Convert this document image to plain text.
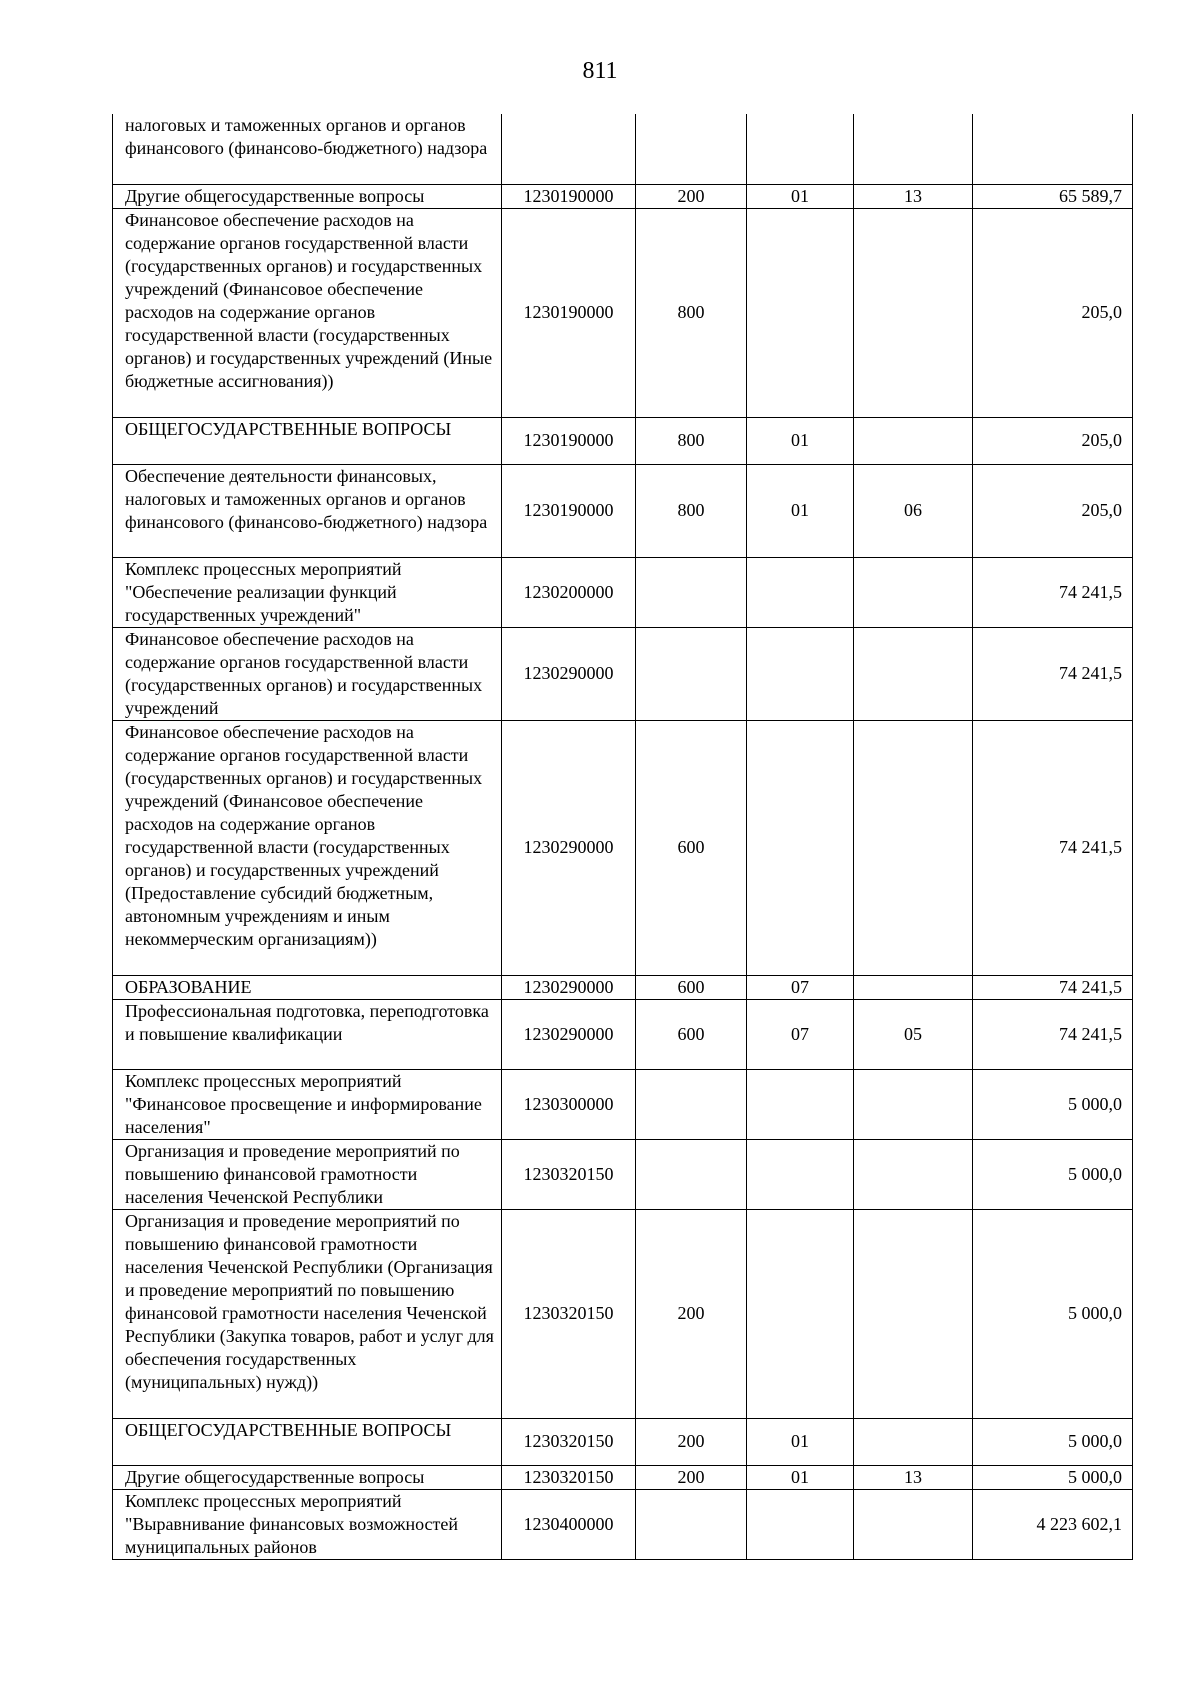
811
налоговых и таможенных органов и органов финансового (финансово-бюджетного) надзора					
Другие общегосударственные вопросы	1230190000	200	01	13	65 589,7
Финансовое обеспечение расходов на содержание органов государственной власти (государственных органов) и государственных учреждений (Финансовое обеспечение расходов на содержание органов государственной власти (государственных органов) и государственных учреждений (Иные бюджетные ассигнования))	1230190000	800			205,0
ОБЩЕГОСУДАРСТВЕННЫЕ ВОПРОСЫ	1230190000	800	01		205,0
Обеспечение деятельности финансовых, налоговых и таможенных органов и органов финансового (финансово-бюджетного) надзора	1230190000	800	01	06	205,0
Комплекс процессных мероприятий "Обеспечение реализации функций государственных учреждений"	1230200000				74 241,5
Финансовое обеспечение расходов на содержание органов государственной власти (государственных органов) и государственных учреждений	1230290000				74 241,5
Финансовое обеспечение расходов на содержание органов государственной власти (государственных органов) и государственных учреждений (Финансовое обеспечение расходов на содержание органов государственной власти (государственных органов) и государственных учреждений (Предоставление субсидий бюджетным, автономным учреждениям и иным некоммерческим организациям))	1230290000	600			74 241,5
ОБРАЗОВАНИЕ	1230290000	600	07		74 241,5
Профессиональная подготовка, переподготовка и повышение квалификации	1230290000	600	07	05	74 241,5
Комплекс процессных мероприятий "Финансовое просвещение и информирование населения"	1230300000				5 000,0
Организация и проведение мероприятий по повышению финансовой грамотности населения Чеченской Республики	1230320150				5 000,0
Организация и проведение мероприятий по повышению финансовой грамотности населения Чеченской Республики (Организация и проведение мероприятий по повышению финансовой грамотности населения Чеченской Республики (Закупка товаров, работ и услуг для обеспечения государственных (муниципальных) нужд))	1230320150	200			5 000,0
ОБЩЕГОСУДАРСТВЕННЫЕ ВОПРОСЫ	1230320150	200	01		5 000,0
Другие общегосударственные вопросы	1230320150	200	01	13	5 000,0
Комплекс процессных мероприятий "Выравнивание финансовых возможностей муниципальных районов	1230400000				4 223 602,1
